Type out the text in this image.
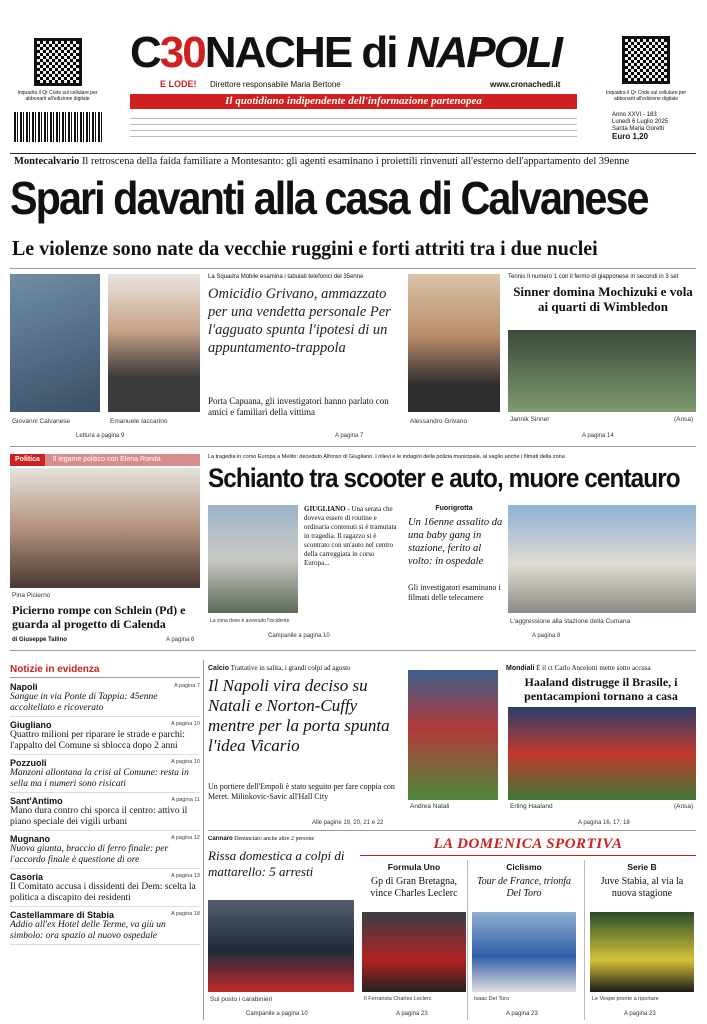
Inquadra il Qr Code sul cellulare per abbonarti all'edizione digitale
C30NACHE di NAPOLI
E LODE! Direttore responsabile Maria Bertone	www.cronachedi.it
Il quotidiano indipendente dell'informazione partenopea
Inquadra il Qr Code sul cellulare per abbonarti all'edizione digitale
Anno XXVI - 183
Lunedì 6 Luglio 2025
Santa Maria Goretti
Euro 1,20
Montecalvario Il retroscena della faida familiare a Montesanto: gli agenti esaminano i proiettili rinvenuti all'esterno dell'appartamento del 39enne
Spari davanti alla casa di Calvanese
Le violenze sono nate da vecchie ruggini e forti attriti tra i due nuclei
Giovanni Calvanese	Emanuele Iaccarino
Lettura a pagina 9
La Squadra Mobile esamina i tabulati telefonici del 35enne
Omicidio Grivano, ammazzato per una vendetta personale Per l'agguato spunta l'ipotesi di un appuntamento-trappola
Porta Capuana, gli investigatori hanno parlato con amici e familiari della vittima
Alessandro Grivano
A pagina 7
Tennis Il numero 1 con il fermo di giapponese in secondi in 3 set
Sinner domina Mochizuki e vola ai quarti di Wimbledon
Jannik Sinner	(Ansa)
A pagina 14
Politica Il legame politico con Elena Ronda
Pina Picierno
Picierno rompe con Schlein (Pd) e guarda al progetto di Calenda
di Giuseppe Tallino	A pagina 6
La tragedia in corso Europa a Melito: deceduto Alfonso di Giugliano. I rilievi e le indagini della polizia municipale, al vaglio anche i filmati della zona
Schianto tra scooter e auto, muore centauro
La zona dove è avvenuto l'incidente
GIUGLIANO - Una serata che doveva essere di routine e ordinaria contenuti si è tramutata in tragedia. Il ragazzo si è scontrato con un'auto nel centro della carreggiata in corso Europa...
Campanile a pagina 10
Fuorigrotta
Un 16enne assalito da una baby gang in stazione, ferito al volto: in ospedale
Gli investigatori esaminano i filmati delle telecamere
L'aggressione alla stazione della Cumana
A pagina 8
Notizie in evidenza
Napoli	A pagina 7
Sangue in via Ponte di Tappia: 45enne accoltellato e ricoverato
Giugliano	A pagina 10
Quattro milioni per riparare le strade e parchi: l'appalto del Comune si sblocca dopo 2 anni
Pozzuoli	A pagina 10
Manzoni allontana la crisi al Comune: resta in sella ma i numeri sono risicati
Sant'Antimo	A pagina 11
Mano dura contro chi sporca il centro: attivo il piano speciale dei vigili urbani
Mugnano	A pagina 12
Nuova giunta, braccio di ferro finale: per l'accordo finale è questione di ore
Casoria	A pagina 13
Il Comitato accusa i dissidenti dei Dem: scelta la politica a discapito dei residenti
Castellammare di Stabia	A pagina 18
Addio all'ex Hotel delle Terme, va giù un simbolo: ora spazio al nuovo ospedale
Calcio Trattative in salita, i grandi colpi ad agosto
Il Napoli vira deciso su Natali e Norton-Cuffy mentre per la porta spunta l'idea Vicario
Un portiere dell'Empoli è stato seguito per fare coppia con Meret. Milinkovic-Savic all'Hall City
Andrea Natali
Alle pagine 19, 20, 21 e 22
Mondiali È il ct Carlo Ancelotti mette sotto accusa
Haaland distrugge il Brasile, i pentacampioni tornano a casa
Erling Haaland	(Ansa)
A pagina 16, 17, 18
Carinaro Denunciato anche altre 2 persone
Rissa domestica a colpi di mattarello: 5 arresti
Sul posto i carabinieri
Campanile a pagina 10
LA DOMENICA SPORTIVA
Formula Uno
Gp di Gran Bretagna, vince Charles Leclerc
Il Ferrarista Charles Leclerc
A pagina 23
Ciclismo
Tour de France, trionfa Del Toro
Isaac Del Toro
A pagina 23
Serie B
Juve Stabia, al via la nuova stagione
Le Vespe pronte a riportare
A pagina 23
